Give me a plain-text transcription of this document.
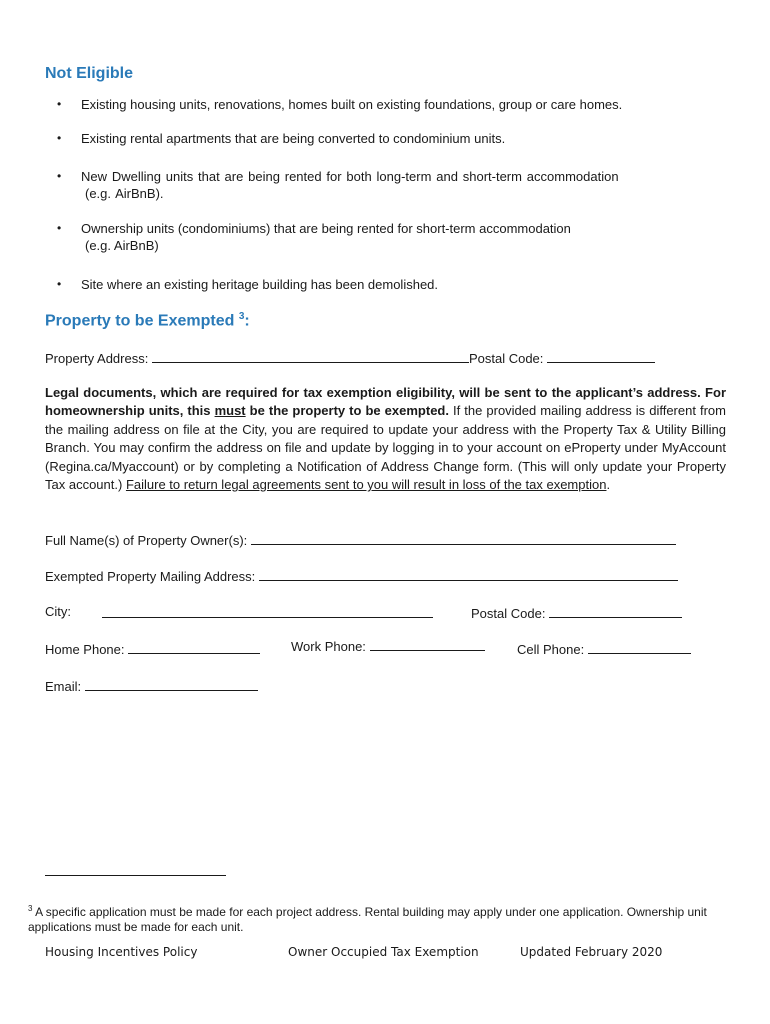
Not Eligible
• Existing housing units, renovations, homes built on existing foundations, group or care homes.
• Existing rental apartments that are being converted to condominium units.
• New Dwelling units that are being rented for both long-term and short-term accommodation
(e.g. AirBnB).
• Ownership units (condominiums) that are being rented for short-term accommodation
(e.g. AirBnB)
• Site where an existing heritage building has been demolished.
Property to be Exempted $^3$:
Property Address:	Postal Code:
Legal documents, which are required for tax exemption eligibility, will be sent to the applicant’s address. For homeownership units, this must be the property to be exempted. If the provided mailing address is different from the mailing address on file at the City, you are required to update your address with the Property Tax & Utility Billing Branch. You may confirm the address on file and update by logging in to your account on eProperty under MyAccount (Regina.ca/Myaccount) or by completing a Notification of Address Change form. (This will only update your Property Tax account.) Failure to return legal agreements sent to you will result in loss of the tax exemption.
Full Name(s) of Property Owner(s):
Exempted Property Mailing Address:
City:	Postal Code:
Home Phone:	Work Phone:	Cell Phone:
Email:
$^3$ A specific application must be made for each project address. Rental building may apply under one application. Ownership unit applications must be made for each unit.
Housing Incentives Policy	Owner Occupied Tax Exemption	Updated February 2020
